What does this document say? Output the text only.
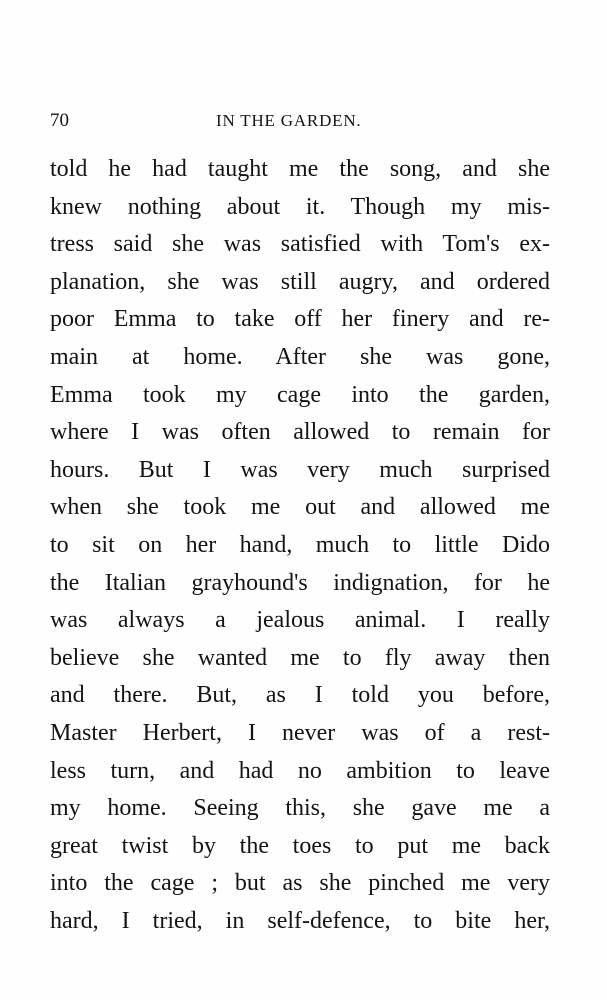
70	IN THE GARDEN.
told he had taught me the song, and she
knew nothing about it. Though my mis-
tress said she was satisfied with Tom's ex-
planation, she was still augry, and ordered
poor Emma to take off her finery and re-
main at home. After she was gone,
Emma took my cage into the garden,
where I was often allowed to remain for
hours. But I was very much surprised
when she took me out and allowed me
to sit on her hand, much to little Dido
the Italian grayhound's indignation, for he
was always a jealous animal. I really
believe she wanted me to fly away then
and there. But, as I told you before,
Master Herbert, I never was of a rest-
less turn, and had no ambition to leave
my home. Seeing this, she gave me a
great twist by the toes to put me back
into the cage ; but as she pinched me very
hard, I tried, in self-defence, to bite her,
